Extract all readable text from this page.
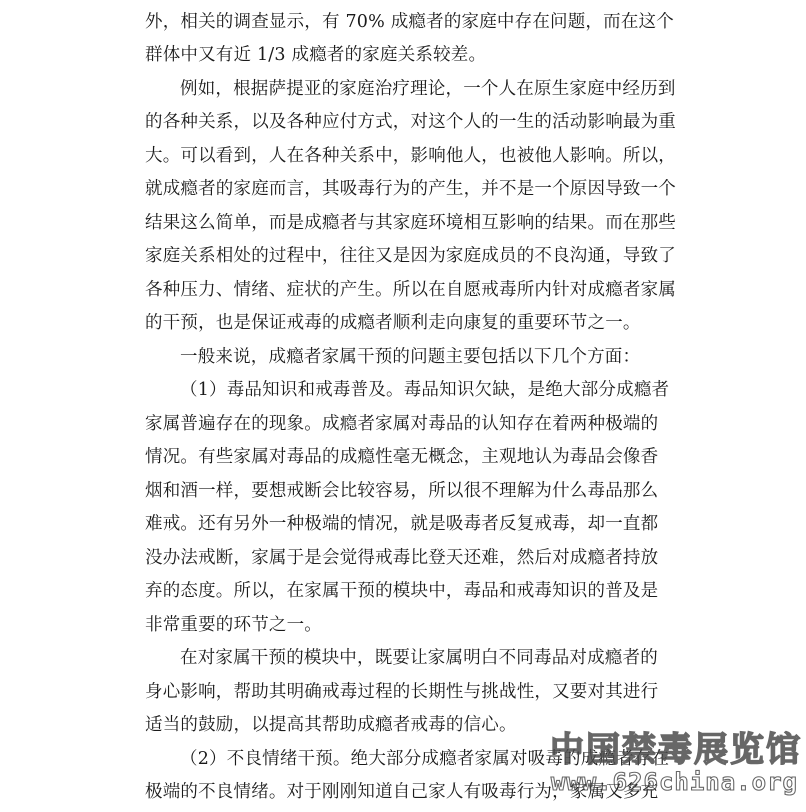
外，相关的调查显示，有 70% 成瘾者的家庭中存在问题，而在这个
群体中又有近 1/3 成瘾者的家庭关系较差。
例如，根据萨提亚的家庭治疗理论，一个人在原生家庭中经历到
的各种关系，以及各种应付方式，对这个人的一生的活动影响最为重
大。可以看到，人在各种关系中，影响他人，也被他人影响。所以，
就成瘾者的家庭而言，其吸毒行为的产生，并不是一个原因导致一个
结果这么简单，而是成瘾者与其家庭环境相互影响的结果。而在那些
家庭关系相处的过程中，往往又是因为家庭成员的不良沟通，导致了
各种压力、情绪、症状的产生。所以在自愿戒毒所内针对成瘾者家属
的干预，也是保证戒毒的成瘾者顺利走向康复的重要环节之一。
一般来说，成瘾者家属干预的问题主要包括以下几个方面：
（1）毒品知识和戒毒普及。毒品知识欠缺，是绝大部分成瘾者
家属普遍存在的现象。成瘾者家属对毒品的认知存在着两种极端的
情况。有些家属对毒品的成瘾性毫无概念，主观地认为毒品会像香
烟和酒一样，要想戒断会比较容易，所以很不理解为什么毒品那么
难戒。还有另外一种极端的情况，就是吸毒者反复戒毒，却一直都
没办法戒断，家属于是会觉得戒毒比登天还难，然后对成瘾者持放
弃的态度。所以，在家属干预的模块中，毒品和戒毒知识的普及是
非常重要的环节之一。
在对家属干预的模块中，既要让家属明白不同毒品对成瘾者的
身心影响，帮助其明确戒毒过程的长期性与挑战性，又要对其进行
适当的鼓励，以提高其帮助成瘾者戒毒的信心。
（2）不良情绪干预。绝大部分成瘾者家属对吸毒的成瘾者存在
极端的不良情绪。对于刚刚知道自己家人有吸毒行为，家属又多充
中国禁毒展览馆
www.626china.org
